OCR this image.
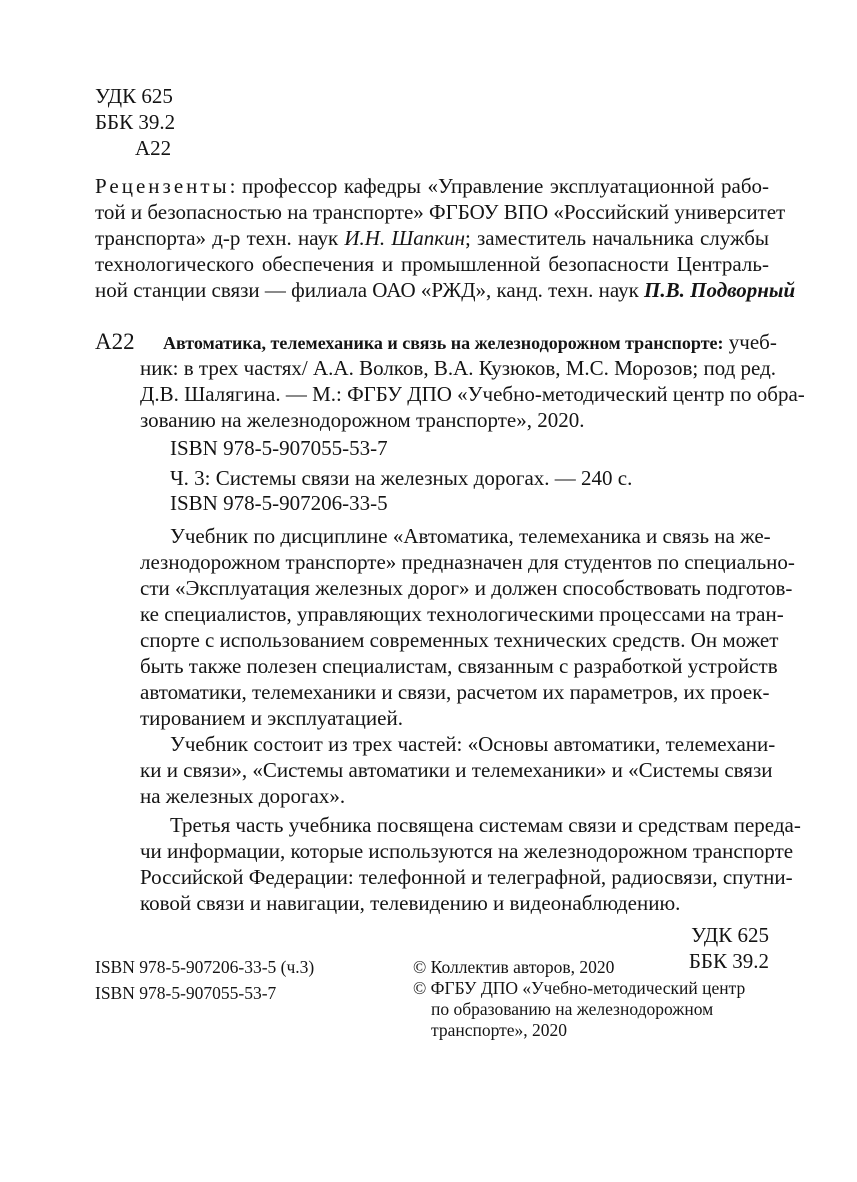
УДК 625
ББК 39.2
А22
Рецензенты: профессор кафедры «Управление эксплуатационной рабо-
той и безопасностью на транспорте» ФГБОУ ВПО «Российский университет
транспорта» д-р техн. наук И.Н. Шапкин; заместитель начальника службы
технологического обеспечения и промышленной безопасности Централь-
ной станции связи — филиала ОАО «РЖД», канд. техн. наук П.В. Подворный
А22 Автоматика, телемеханика и связь на железнодорожном транспорте: учеб-
ник: в трех частях/ А.А. Волков, В.А. Кузюков, М.С. Морозов; под ред.
Д.В. Шалягина. — М.: ФГБУ ДПО «Учебно-методический центр по обра-
зованию на железнодорожном транспорте», 2020.
ISBN 978-5-907055-53-7
Ч. 3: Системы связи на железных дорогах. — 240 с.
ISBN 978-5-907206-33-5
Учебник по дисциплине «Автоматика, телемеханика и связь на же-
лезнодорожном транспорте» предназначен для студентов по специально-
сти «Эксплуатация железных дорог» и должен способствовать подготов-
ке специалистов, управляющих технологическими процессами на тран-
спорте с использованием современных технических средств. Он может
быть также полезен специалистам, связанным с разработкой устройств
автоматики, телемеханики и связи, расчетом их параметров, их проек-
тированием и эксплуатацией.
Учебник состоит из трех частей: «Основы автоматики, телемехани-
ки и связи», «Системы автоматики и телемеханики» и «Системы связи
на железных дорогах».
Третья часть учебника посвящена системам связи и средствам переда-
чи информации, которые используются на железнодорожном транспорте
Российской Федерации: телефонной и телеграфной, радиосвязи, спутни-
ковой связи и навигации, телевидению и видеонаблюдению.
УДК 625
ББК 39.2
ISBN 978-5-907206-33-5 (ч.3)
ISBN 978-5-907055-53-7
© Коллектив авторов, 2020
© ФГБУ ДПО «Учебно-методический центр
по образованию на железнодорожном
транспорте», 2020
